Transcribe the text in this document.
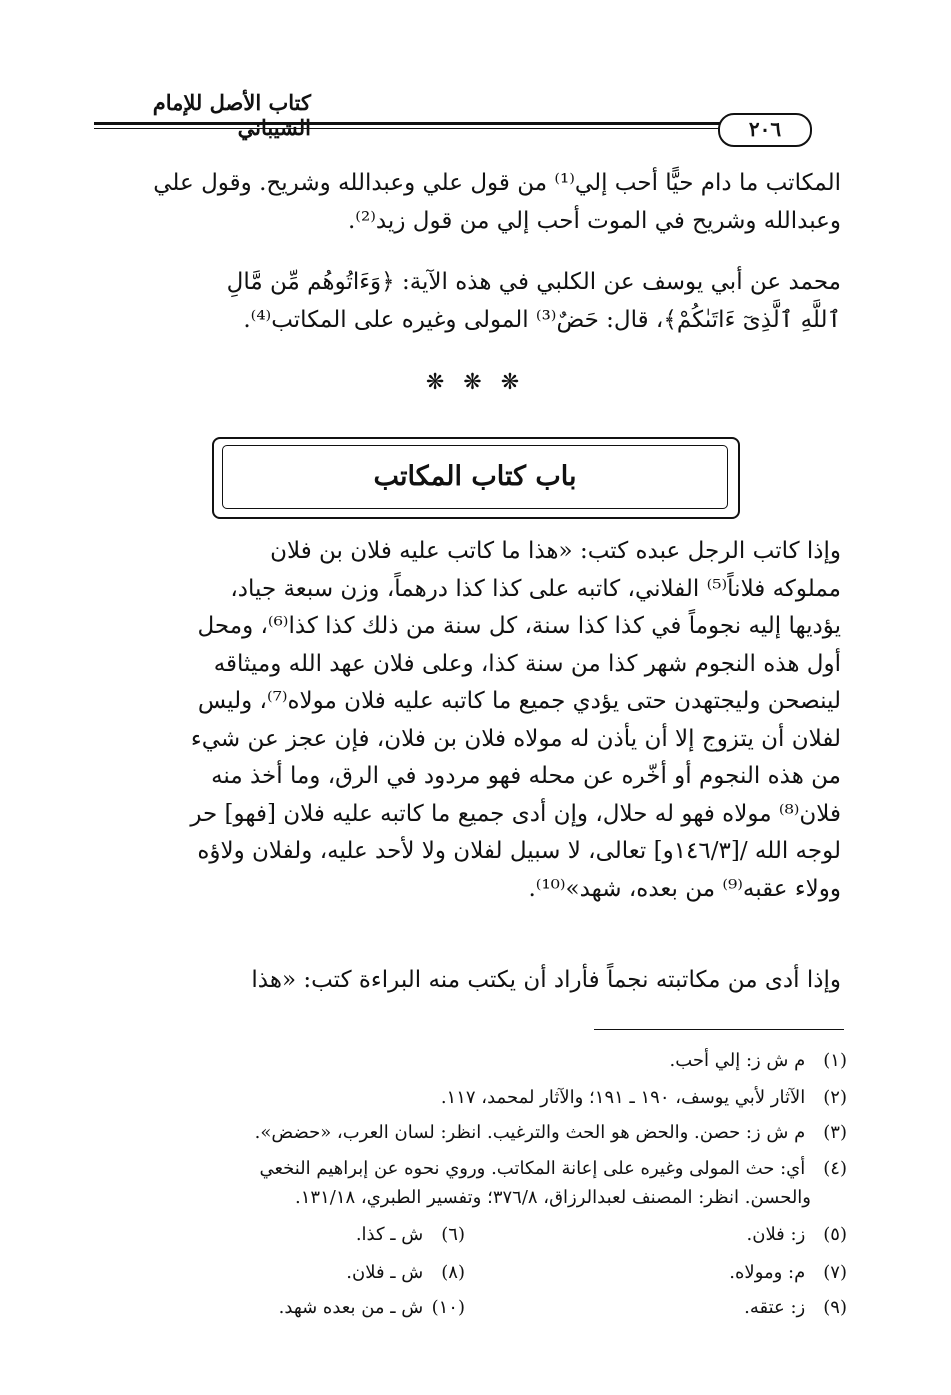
كتاب الأصل للإمام
٢٠٦
المكاتب ما دام حيًّا أحب إلي⁽¹⁾ من قول علي وعبدالله وشريح. وقول علي
وعبدالله وشريح في الموت أحب إلي من قول زيد⁽²⁾.
محمد عن أبي يوسف عن الكلبي في هذه الآية: ﴿وَءَاتُوهُم مِّن مَّالِ
ٱللَّهِ ٱلَّذِىٓ ءَاتَىٰكُمْ﴾، قال: حَضٌ⁽³⁾ المولى وغيره على المكاتب⁽⁴⁾.
❋ ❋ ❋
باب كتاب المكاتب
وإذا كاتب الرجل عبده كتب: «هذا ما كاتب عليه فلان بن فلان
مملوكه فلاناً⁽⁵⁾ الفلاني، كاتبه على كذا كذا درهماً، وزن سبعة جياد،
يؤديها إليه نجوماً في كذا كذا سنة، كل سنة من ذلك كذا كذا⁽⁶⁾، ومحل
أول هذه النجوم شهر كذا من سنة كذا، وعلى فلان عهد الله وميثاقه
لينصحن وليجتهدن حتى يؤدي جميع ما كاتبه عليه فلان مولاه⁽⁷⁾، وليس
لفلان أن يتزوج إلا أن يأذن له مولاه فلان بن فلان، فإن عجز عن شيء
من هذه النجوم أو أخّره عن محله فهو مردود في الرق، وما أخذ منه
فلان⁽⁸⁾ مولاه فهو له حلال، وإن أدى جميع ما كاتبه عليه فلان [فهو] حر
لوجه الله /[١٤٦/٣و] تعالى، لا سبيل لفلان ولا لأحد عليه، ولفلان ولاؤه
وولاء عقبه⁽⁹⁾ من بعده، شهد»⁽¹⁰⁾.
وإذا أدى من مكاتبته نجماً فأراد أن يكتب منه البراءة كتب: «هذا
(١) م ش ز: إلي أحب.
(٢) الآثار لأبي يوسف، ١٩٠ ـ ١٩١؛ والآثار لمحمد، ١١٧.
(٣) م ش ز: حصن. والحض هو الحث والترغيب. انظر: لسان العرب، «حضض».
(٤) أي: حث المولى وغيره على إعانة المكاتب. وروي نحوه عن إبراهيم النخعي
والحسن. انظر: المصنف لعبدالرزاق، ٣٧٦/٨؛ وتفسير الطبري، ١٣١/١٨.
(٥) ز: فلان.
(٦) ش ـ كذا.
(٧) م: ومولاه.
(٨) ش ـ فلان.
(٩) ز: عتقه.
(١٠) ش ـ من بعده شهد.
